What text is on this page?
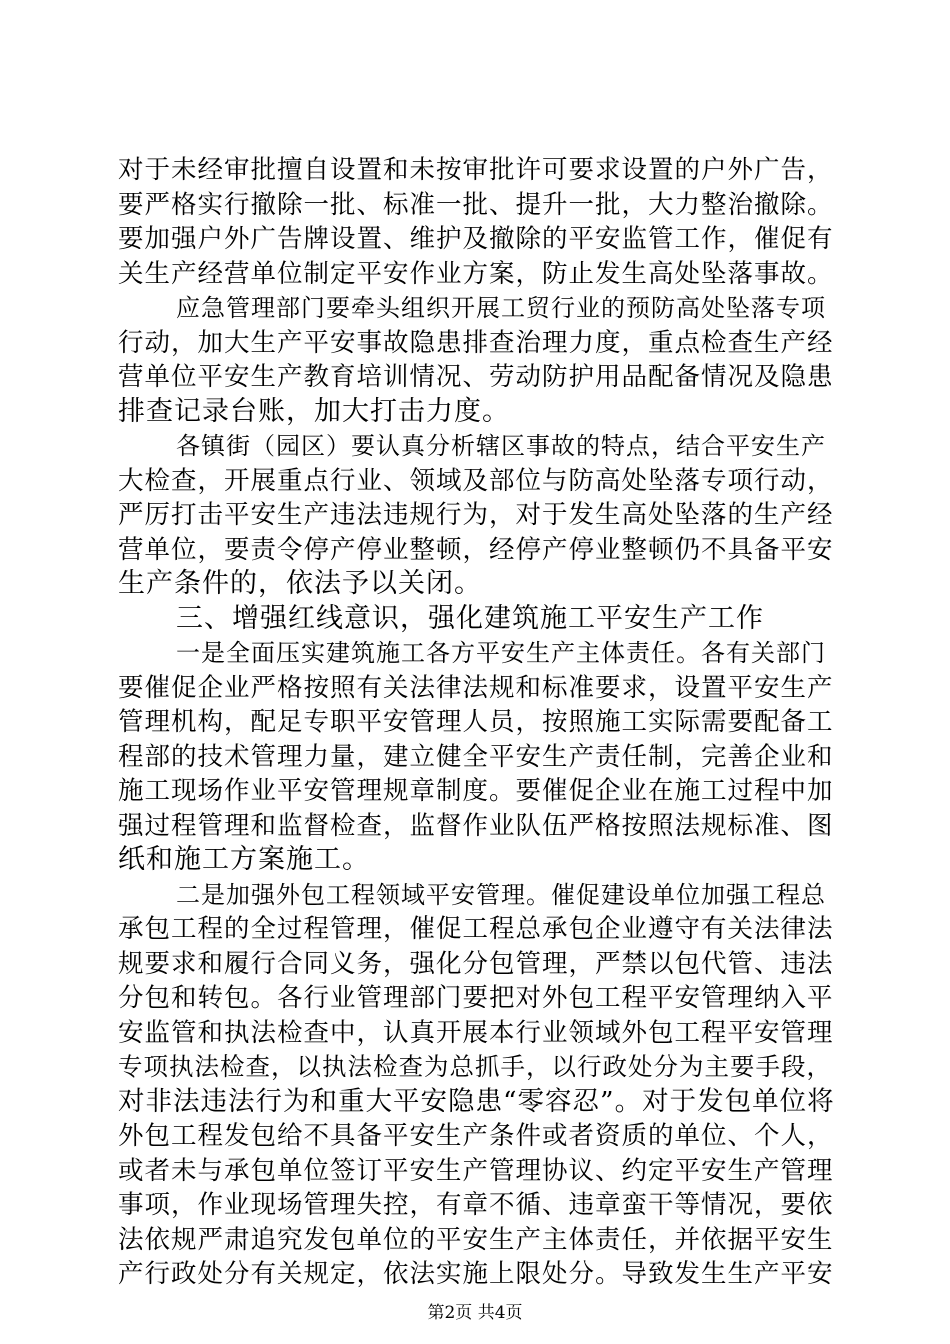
对于未经审批擅自设置和未按审批许可要求设置的户外广告，
要严格实行撤除一批、标准一批、提升一批，大力整治撤除。
要加强户外广告牌设置、维护及撤除的平安监管工作，催促有
关生产经营单位制定平安作业方案，防止发生高处坠落事故。
应急管理部门要牵头组织开展工贸行业的预防高处坠落专项
行动，加大生产平安事故隐患排查治理力度，重点检查生产经
营单位平安生产教育培训情况、劳动防护用品配备情况及隐患
排查记录台账，加大打击力度。
各镇街（园区）要认真分析辖区事故的特点，结合平安生产
大检查，开展重点行业、领域及部位与防高处坠落专项行动，
严厉打击平安生产违法违规行为，对于发生高处坠落的生产经
营单位，要责令停产停业整顿，经停产停业整顿仍不具备平安
生产条件的，依法予以关闭。
三、增强红线意识，强化建筑施工平安生产工作
一是全面压实建筑施工各方平安生产主体责任。各有关部门
要催促企业严格按照有关法律法规和标准要求，设置平安生产
管理机构，配足专职平安管理人员，按照施工实际需要配备工
程部的技术管理力量，建立健全平安生产责任制，完善企业和
施工现场作业平安管理规章制度。要催促企业在施工过程中加
强过程管理和监督检查，监督作业队伍严格按照法规标准、图
纸和施工方案施工。
二是加强外包工程领域平安管理。催促建设单位加强工程总
承包工程的全过程管理，催促工程总承包企业遵守有关法律法
规要求和履行合同义务，强化分包管理，严禁以包代管、违法
分包和转包。各行业管理部门要把对外包工程平安管理纳入平
安监管和执法检查中，认真开展本行业领域外包工程平安管理
专项执法检查，以执法检查为总抓手，以行政处分为主要手段，
对非法违法行为和重大平安隐患“零容忍”。对于发包单位将
外包工程发包给不具备平安生产条件或者资质的单位、个人，
或者未与承包单位签订平安生产管理协议、约定平安生产管理
事项，作业现场管理失控，有章不循、违章蛮干等情况，要依
法依规严肃追究发包单位的平安生产主体责任，并依据平安生
产行政处分有关规定，依法实施上限处分。导致发生生产平安
第2页 共4页
